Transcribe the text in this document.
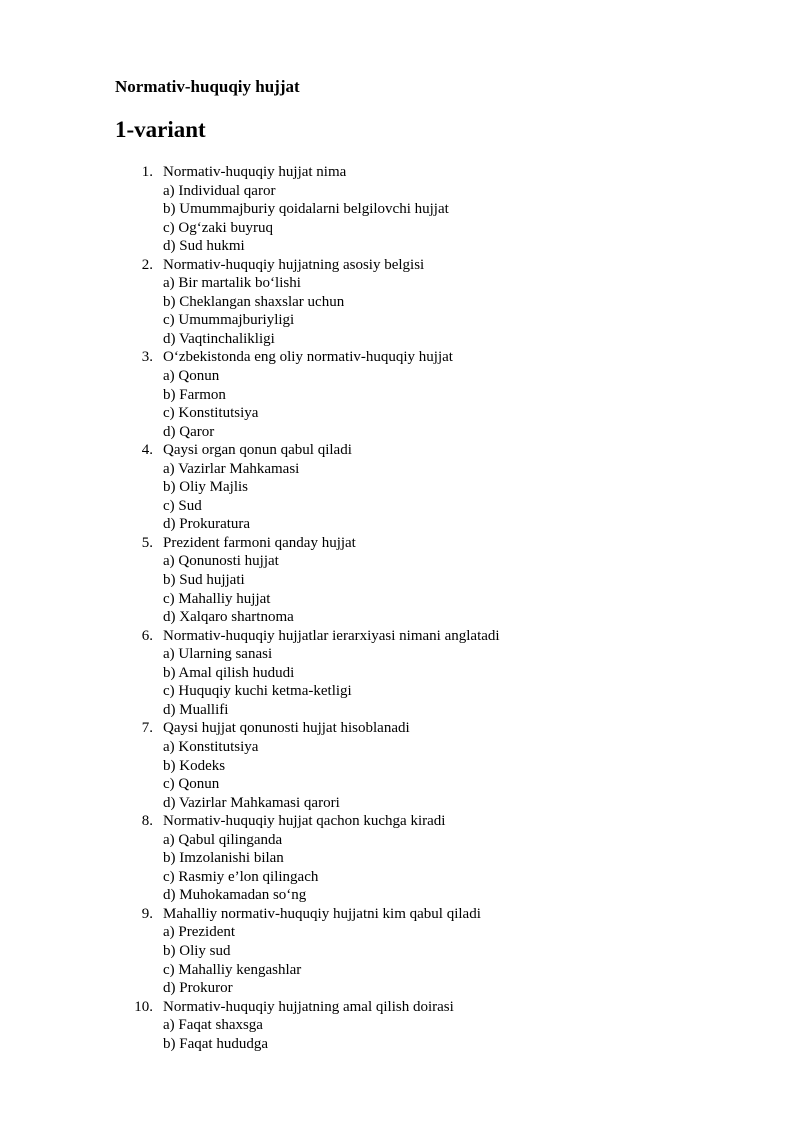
Normativ-huquqiy hujjat
1-variant
1. Normativ-huquqiy hujjat nima
a) Individual qaror
b) Umummajburiy qoidalarni belgilovchi hujjat
c) Og‘zaki buyruq
d) Sud hukmi
2. Normativ-huquqiy hujjatning asosiy belgisi
a) Bir martalik bo‘lishi
b) Cheklangan shaxslar uchun
c) Umummajburiyligi
d) Vaqtinchalikligi
3. O‘zbekistonda eng oliy normativ-huquqiy hujjat
a) Qonun
b) Farmon
c) Konstitutsiya
d) Qaror
4. Qaysi organ qonun qabul qiladi
a) Vazirlar Mahkamasi
b) Oliy Majlis
c) Sud
d) Prokuratura
5. Prezident farmoni qanday hujjat
a) Qonunosti hujjat
b) Sud hujjati
c) Mahalliy hujjat
d) Xalqaro shartnoma
6. Normativ-huquqiy hujjatlar ierarxiyasi nimani anglatadi
a) Ularning sanasi
b) Amal qilish hududi
c) Huquqiy kuchi ketma-ketligi
d) Muallifi
7. Qaysi hujjat qonunosti hujjat hisoblanadi
a) Konstitutsiya
b) Kodeks
c) Qonun
d) Vazirlar Mahkamasi qarori
8. Normativ-huquqiy hujjat qachon kuchga kiradi
a) Qabul qilinganda
b) Imzolanishi bilan
c) Rasmiy e’lon qilingach
d) Muhokamadan so‘ng
9. Mahalliy normativ-huquqiy hujjatni kim qabul qiladi
a) Prezident
b) Oliy sud
c) Mahalliy kengashlar
d) Prokuror
10. Normativ-huquqiy hujjatning amal qilish doirasi
a) Faqat shaxsga
b) Faqat hududga
